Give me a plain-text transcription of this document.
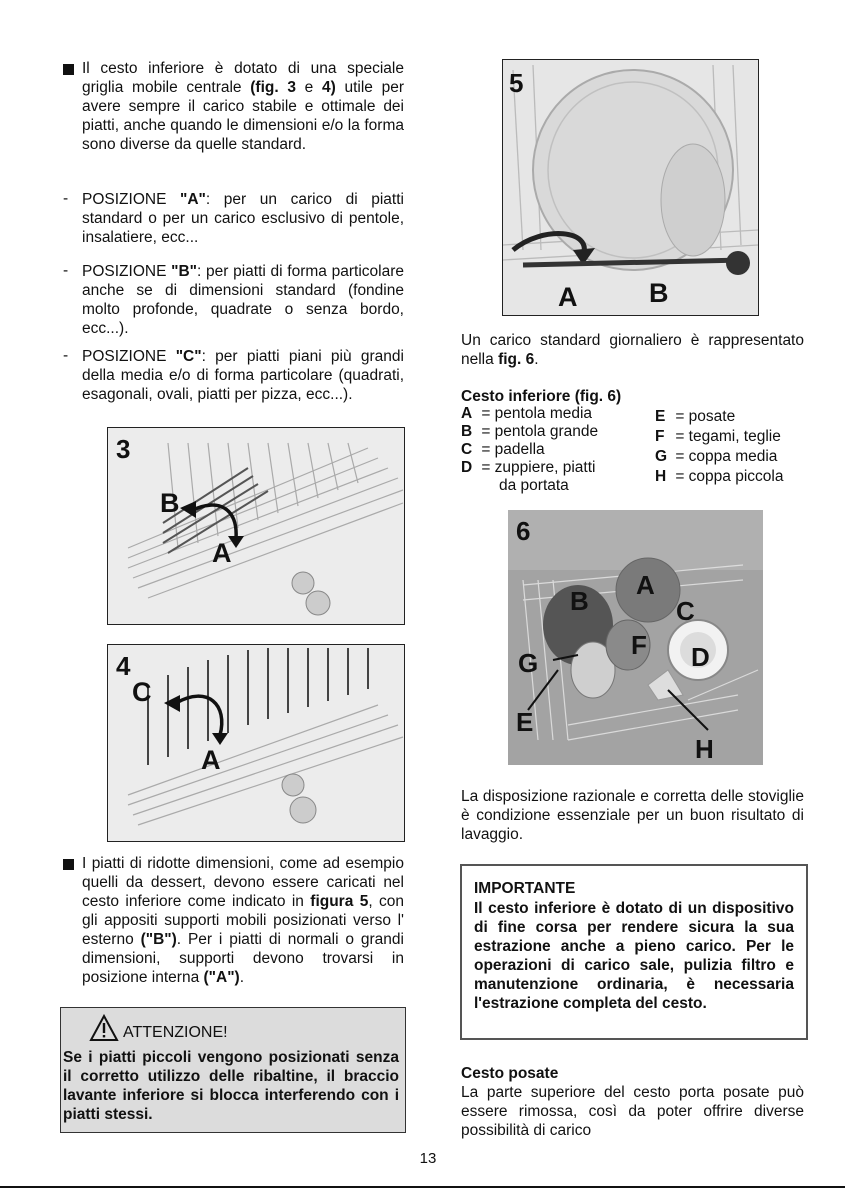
Il cesto inferiore è dotato di una speciale griglia mobile centrale (fig. 3 e 4) utile per avere sempre il carico stabile e ottimale dei piatti, anche quando le dimensioni e/o la forma sono diverse da quelle standard.
- POSIZIONE "A": per un carico di piatti standard o per un carico esclusivo di pentole, insalatiere, ecc...
- POSIZIONE "B": per piatti di forma particolare anche se di dimensioni standard (fondine molto profonde, quadrate o senza bordo, ecc...).
- POSIZIONE "C": per piatti piani più grandi della media e/o di forma particolare (quadrati, esagonali, ovali, piatti per pizza, ecc...).
3
B
A
4
C
A
I piatti di ridotte dimensioni, come ad esempio quelli da dessert, devono essere caricati nel cesto inferiore come indicato in figura 5, con gli appositi supporti mobili posizionati verso l' esterno ("B"). Per i piatti di normali o grandi dimensioni, supporti devono trovarsi in posizione interna ("A").
ATTENZIONE!
Se i piatti piccoli vengono posizionati senza il corretto utilizzo delle ribaltine, il braccio lavante inferiore si blocca interferendo con i piatti stessi.
5
A	B
Un carico standard giornaliero è rappresentato nella fig. 6.
Cesto inferiore (fig. 6)
A = pentola media
B = pentola grande
C = padella
D = zuppiere, piatti
da portata
E = posate
F = tegami, teglie
G = coppa media
H = coppa piccola
6
A
B	C
D
E
F
G
H
La disposizione razionale e corretta delle stoviglie è condizione essenziale per un buon risultato di lavaggio.
IMPORTANTE
Il cesto inferiore è dotato di un dispositivo di fine corsa per rendere sicura la sua estrazione anche a pieno carico. Per le operazioni di carico sale, pulizia filtro e manutenzione ordinaria, è necessaria l'estrazione completa del cesto.
Cesto posate
La parte superiore del cesto porta posate può essere rimossa, così da poter offrire diverse possibilità di carico
13
